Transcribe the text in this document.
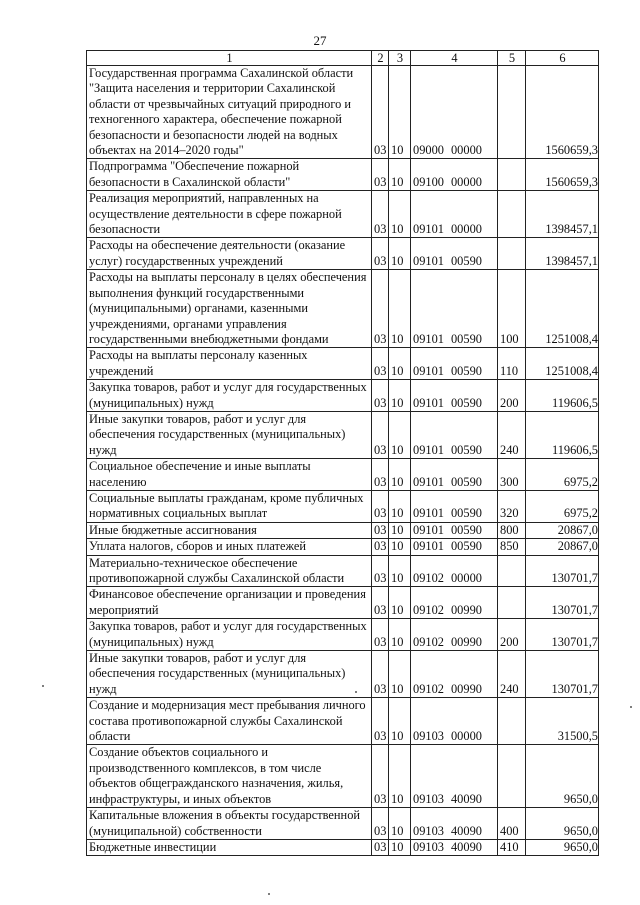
27
1	2	3	4	5	6
Государственная программа Сахалинской области "Защита населения и территории Сахалинской области от чрезвычайных ситуаций природного и техногенного характера, обеспечение пожарной безопасности и безопасности людей на водных объектах на 2014–2020 годы"	03	10	09000 00000		1560659,3
Подпрограмма "Обеспечение пожарной безопасности в Сахалинской области"	03	10	09100 00000		1560659,3
Реализация мероприятий, направленных на осуществление деятельности в сфере пожарной безопасности	03	10	09101 00000		1398457,1
Расходы на обеспечение деятельности (оказание услуг) государственных учреждений	03	10	09101 00590		1398457,1
Расходы на выплаты персоналу в целях обеспечения выполнения функций государственными (муниципальными) органами, казенными учреждениями, органами управления государственными внебюджетными фондами	03	10	09101 00590	100	1251008,4
Расходы на выплаты персоналу казенных учреждений	03	10	09101 00590	110	1251008,4
Закупка товаров, работ и услуг для государственных (муниципальных) нужд	03	10	09101 00590	200	119606,5
Иные закупки товаров, работ и услуг для обеспечения государственных (муниципальных) нужд	03	10	09101 00590	240	119606,5
Социальное обеспечение и иные выплаты населению	03	10	09101 00590	300	6975,2
Социальные выплаты гражданам, кроме публичных нормативных социальных выплат	03	10	09101 00590	320	6975,2
Иные бюджетные ассигнования	03	10	09101 00590	800	20867,0
Уплата налогов, сборов и иных платежей	03	10	09101 00590	850	20867,0
Материально-техническое обеспечение противопожарной службы Сахалинской области	03	10	09102 00000		130701,7
Финансовое обеспечение организации и проведения мероприятий	03	10	09102 00990		130701,7
Закупка товаров, работ и услуг для государственных (муниципальных) нужд	03	10	09102 00990	200	130701,7
Иные закупки товаров, работ и услуг для обеспечения государственных (муниципальных) нужд	03	10	09102 00990	240	130701,7
Создание и модернизация мест пребывания личного состава противопожарной службы Сахалинской области	03	10	09103 00000		31500,5
Создание объектов социального и производственного комплексов, в том числе объектов общегражданского назначения, жилья, инфраструктуры, и иных объектов	03	10	09103 40090		9650,0
Капитальные вложения в объекты государственной (муниципальной) собственности	03	10	09103 40090	400	9650,0
Бюджетные инвестиции	03	10	09103 40090	410	9650,0
